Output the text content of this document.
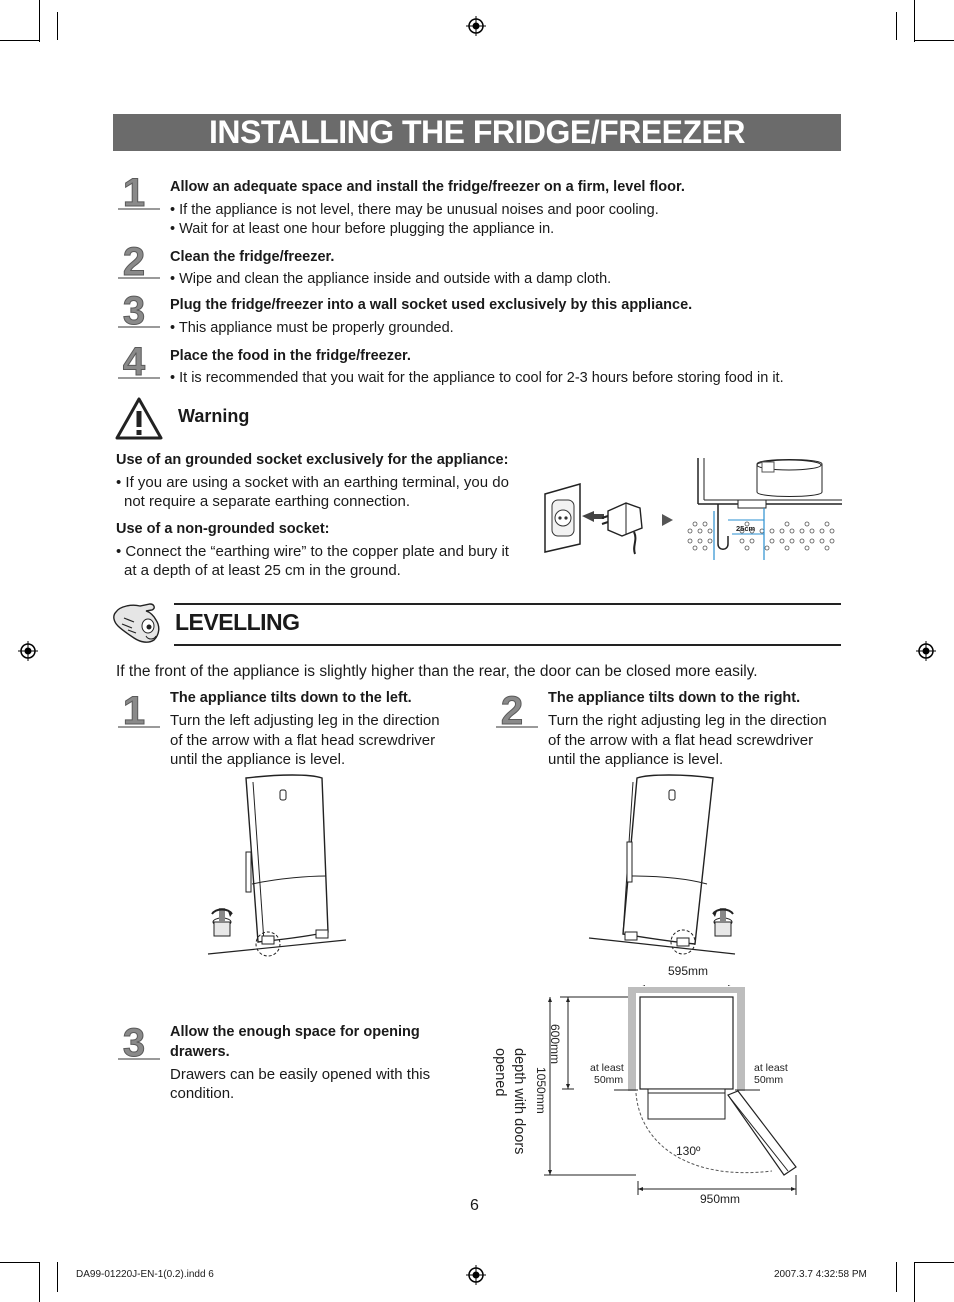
INSTALLING THE FRIDGE/FREEZER
1
2
3
4
Allow an adequate space and install the fridge/freezer on a firm, level floor.
• If the appliance is not level, there may be unusual noises and poor cooling.
• Wait for at least one hour before plugging the appliance in.
Clean the fridge/freezer.
• Wipe and clean the appliance inside and outside with a damp cloth.
Plug the fridge/freezer into a wall socket used exclusively by this appliance.
• This appliance must be properly grounded.
Place the food in the fridge/freezer.
• It is recommended that you wait for the appliance to cool for 2-3 hours before storing food in it.
Warning
Use of an grounded socket exclusively for the appliance:
• If you are using a socket with an earthing terminal, you do
not require a separate earthing connection.
Use of a non-grounded socket:
• Connect the “earthing wire” to the copper plate and bury it
at a depth of at least 25 cm in the ground.
25cm
LEVELLING
If the front of the appliance is slightly higher than the rear, the door can be closed more easily.
1 The appliance tilts down to the left.
Turn the left adjusting leg in the direction
of the arrow with a flat head screwdriver
until the appliance is level.
2 The appliance tilts down to the right.
Turn the right adjusting leg in the direction
of the arrow with a flat head screwdriver
until the appliance is level.
3 Allow the enough space for opening
drawers.
Drawers can be easily opened with this
condition.
595mm
600mm
1050mm
depth with doors
opened	at least
50mm
at least
50mm
130º
950mm
6
DA99-01220J-EN-1(0.2).indd 6	2007.3.7 4:32:58 PM
